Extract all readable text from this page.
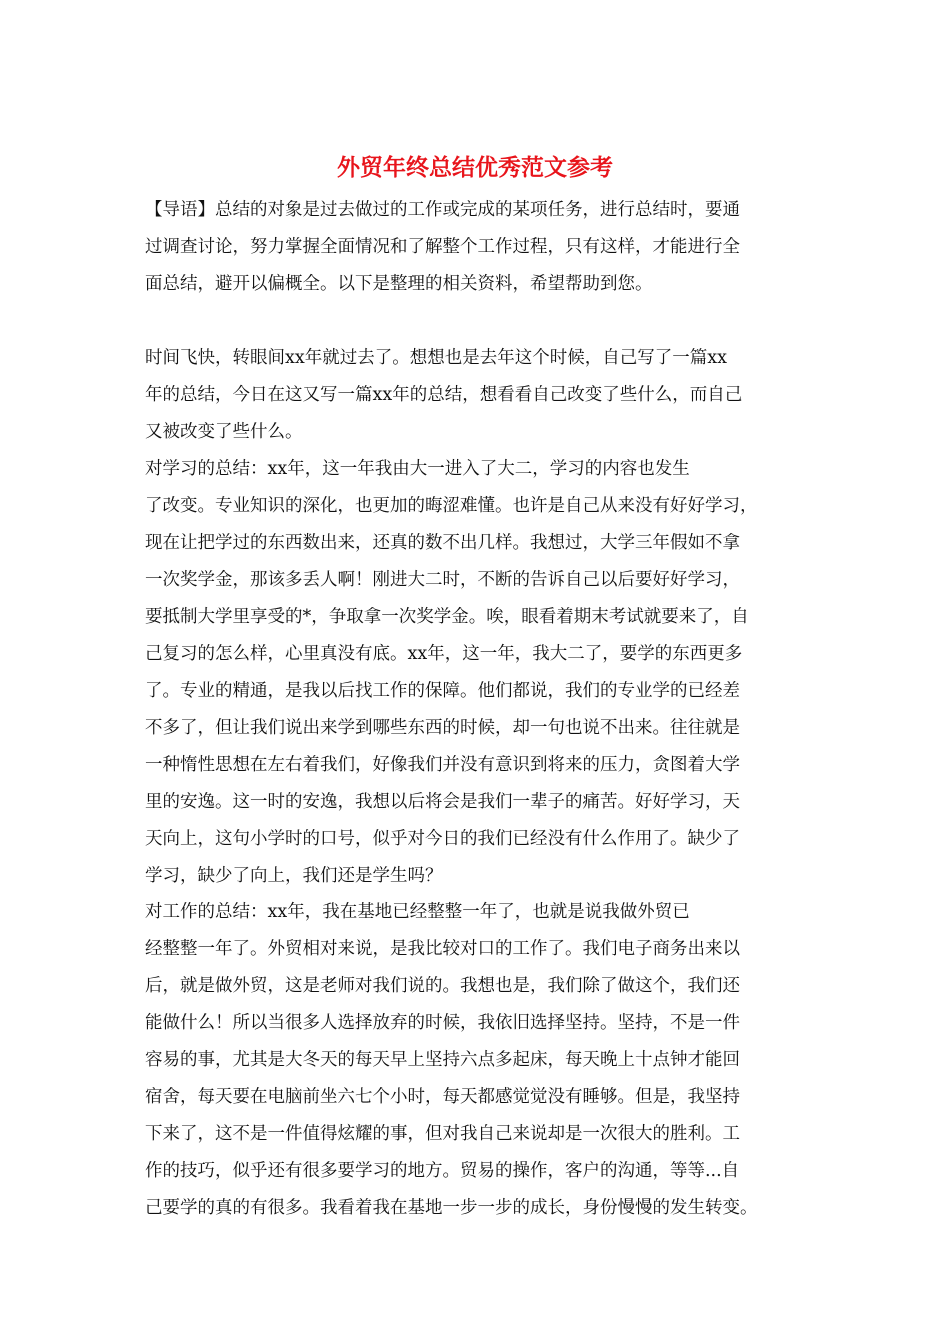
外贸年终总结优秀范文参考
【导语】总结的对象是过去做过的工作或完成的某项任务，进行总结时，要通
过调查讨论，努力掌握全面情况和了解整个工作过程，只有这样，才能进行全
面总结，避开以偏概全。以下是整理的相关资料，希望帮助到您。
时间飞快，转眼间xx年就过去了。想想也是去年这个时候，自己写了一篇xx
年的总结，今日在这又写一篇xx年的总结，想看看自己改变了些什么，而自己
又被改变了些什么。
对学习的总结：xx年，这一年我由大一进入了大二，学习的内容也发生
了改变。专业知识的深化，也更加的晦涩难懂。也许是自己从来没有好好学习，
现在让把学过的东西数出来，还真的数不出几样。我想过，大学三年假如不拿
一次奖学金，那该多丢人啊！刚进大二时，不断的告诉自己以后要好好学习，
要抵制大学里享受的*，争取拿一次奖学金。唉，眼看着期末考试就要来了，自
己复习的怎么样，心里真没有底。xx年，这一年，我大二了，要学的东西更多
了。专业的精通，是我以后找工作的保障。他们都说，我们的专业学的已经差
不多了，但让我们说出来学到哪些东西的时候，却一句也说不出来。往往就是
一种惰性思想在左右着我们，好像我们并没有意识到将来的压力，贪图着大学
里的安逸。这一时的安逸，我想以后将会是我们一辈子的痛苦。好好学习，天
天向上，这句小学时的口号，似乎对今日的我们已经没有什么作用了。缺少了
学习，缺少了向上，我们还是学生吗？
对工作的总结：xx年，我在基地已经整整一年了，也就是说我做外贸已
经整整一年了。外贸相对来说，是我比较对口的工作了。我们电子商务出来以
后，就是做外贸，这是老师对我们说的。我想也是，我们除了做这个，我们还
能做什么！所以当很多人选择放弃的时候，我依旧选择坚持。坚持，不是一件
容易的事，尤其是大冬天的每天早上坚持六点多起床，每天晚上十点钟才能回
宿舍，每天要在电脑前坐六七个小时，每天都感觉觉没有睡够。但是，我坚持
下来了，这不是一件值得炫耀的事，但对我自己来说却是一次很大的胜利。工
作的技巧，似乎还有很多要学习的地方。贸易的操作，客户的沟通，等等...自
己要学的真的有很多。我看着我在基地一步一步的成长，身份慢慢的发生转变。
